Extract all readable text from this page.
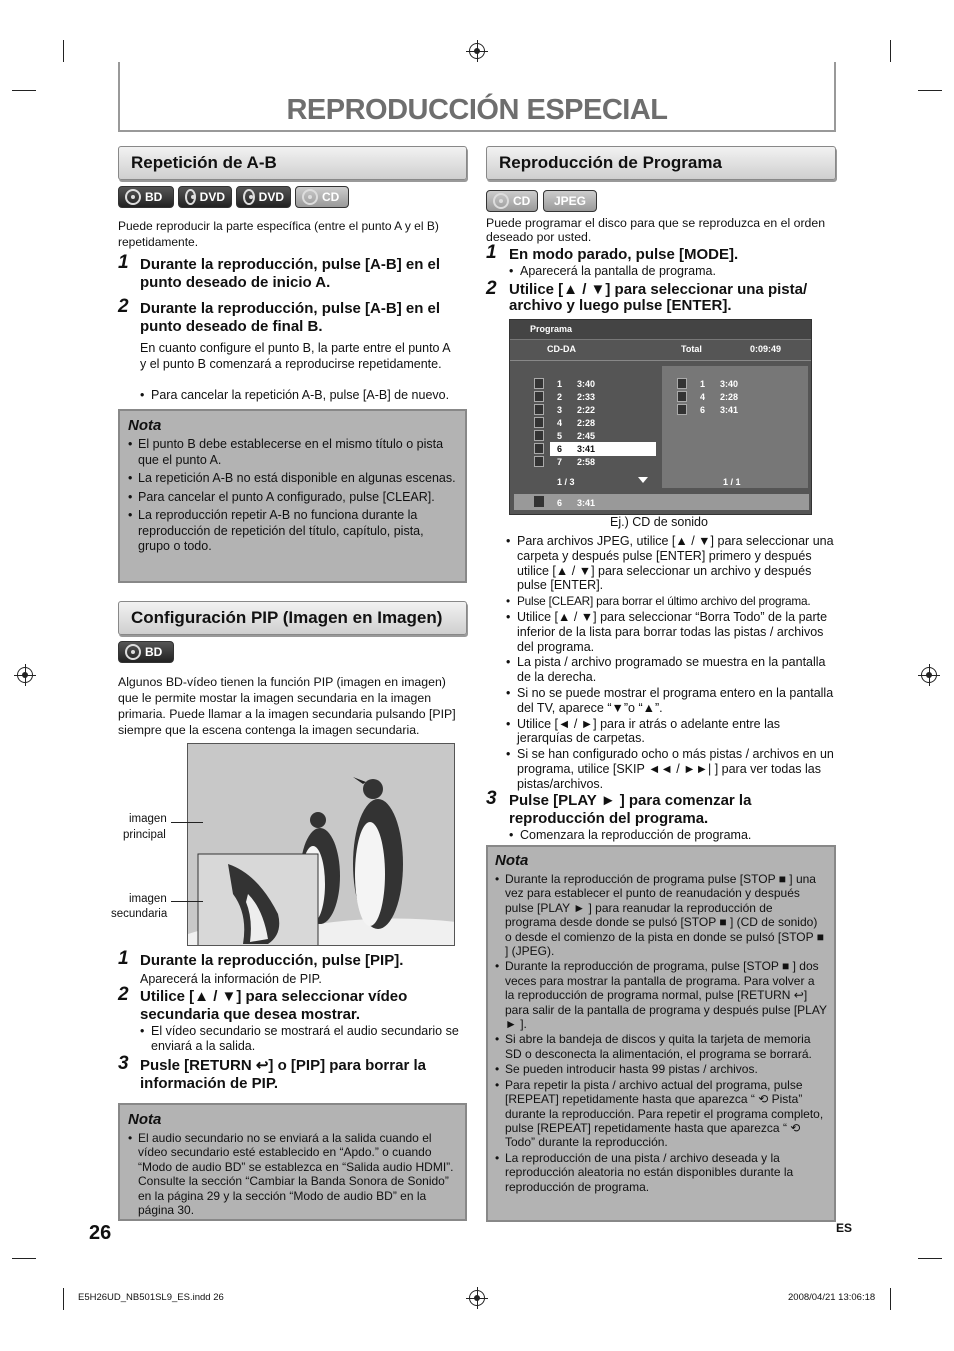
REPRODUCCIÓN ESPECIAL
Repetición de A-B
BD	DVD	DVD	CD
Puede reproducir la parte específica (entre el punto A y el B) repetidamente.
1 Durante la reproducción, pulse [A-B] en el punto deseado de inicio A.
2 Durante la reproducción, pulse [A-B] en el punto deseado de final B.
En cuanto configure el punto B, la parte entre el punto A y el punto B comenzará a reproducirse repetidamente.
• Para cancelar la repetición A-B, pulse [A-B] de nuevo.
Nota
• El punto B debe establecerse en el mismo título o pista que el punto A.
• La repetición A-B no está disponible en algunas escenas.
• Para cancelar el punto A configurado, pulse [CLEAR].
• La reproducción repetir A-B no funciona durante la reproducción de repetición del título, capítulo, pista, grupo o todo.
Configuración PIP (Imagen en Imagen)
BD
Algunos BD-vídeo tienen la función PIP (imagen en imagen) que le permite mostar la imagen secundaria en la imagen primaria. Puede llamar a la imagen secundaria pulsando [PIP] siempre que la escena contenga la imagen secundaria.
imagen
principal
imagen
secundaria
1 Durante la reproducción, pulse [PIP].
Aparecerá la información de PIP.
2 Utilice [▲ / ▼] para seleccionar vídeo secundaria que desea mostrar.
• El vídeo secundario se mostrará el audio secundario se enviará a la salida.
3 Pusle [RETURN ↩] o [PIP] para borrar la información de PIP.
Nota
• El audio secundario no se enviará a la salida cuando el vídeo secundario esté establecido en “Apdo.” o cuando “Modo de audio BD” se establezca en “Salida audio HDMI”. Consulte la sección “Cambiar la Banda Sonora de Sonido” en la página 29 y la sección “Modo de audio BD” en la página 30.
26
Reproducción de Programa
CD JPEG
Puede programar el disco para que se reproduzca en el orden deseado por usted.
1 En modo parado, pulse [MODE].
• Aparecerá la pantalla de programa.
2 Utilice [▲ / ▼] para seleccionar una pista/ archivo y luego pulse [ENTER].
Programa
CD-DA	Total	0:09:49
1 3:40
2 2:33
3 2:22
4 2:28
5 2:45
6 3:41
7 2:58
1 3:40
4 2:28
6 3:41
1 / 3	1 / 1
6 3:41
Ej.) CD de sonido
• Para archivos JPEG, utilice [▲ / ▼] para seleccionar una carpeta y después pulse [ENTER] primero y después utilice [▲ / ▼] para seleccionar un archivo y después pulse [ENTER].
• Pulse [CLEAR] para borrar el último archivo del programa.
• Utilice [▲ / ▼] para seleccionar “Borra Todo” de la parte inferior de la lista para borrar todas las pistas / archivos del programa.
• La pista / archivo programado se muestra en la pantalla de la derecha.
• Si no se puede mostrar el programa entero en la pantalla del TV, aparece “▼”o “▲”.
• Utilice [◄ / ►] para ir atrás o adelante entre las jerarquías de carpetas.
• Si se han configurado ocho o más pistas / archivos en un programa, utilice [SKIP ◄◄ / ►►| ] para ver todas las pistas/archivos.
3 Pulse [PLAY ► ] para comenzar la reproducción del programa.
• Comenzara la reproducción de programa.
Nota
• Durante la reproducción de programa pulse [STOP ■ ] una vez para establecer el punto de reanudación y después pulse [PLAY ► ] para reanudar la reproducción de programa desde donde se pulsó [STOP ■ ] (CD de sonido) o desde el comienzo de la pista en donde se pulsó [STOP ■ ] (JPEG).
• Durante la reproducción de programa, pulse [STOP ■ ] dos veces para mostrar la pantalla de programa. Para volver a la reproducción de programa normal, pulse [RETURN ↩] para salir de la pantalla de programa y después pulse [PLAY ► ].
• Si abre la bandeja de discos y quita la tarjeta de memoria SD o desconecta la alimentación, el programa se borrará.
• Se pueden introducir hasta 99 pistas / archivos.
• Para repetir la pista / archivo actual del programa, pulse [REPEAT] repetidamente hasta que aparezca “ ⟲ Pista” durante la reproducción. Para repetir el programa completo, pulse [REPEAT] repetidamente hasta que aparezca “ ⟲ Todo” durante la reproducción.
• La reproducción de una pista / archivo deseada y la reproducción aleatoria no están disponibles durante la reproducción de programa.
ES
E5H26UD_NB501SL9_ES.indd 26	2008/04/21 13:06:18
